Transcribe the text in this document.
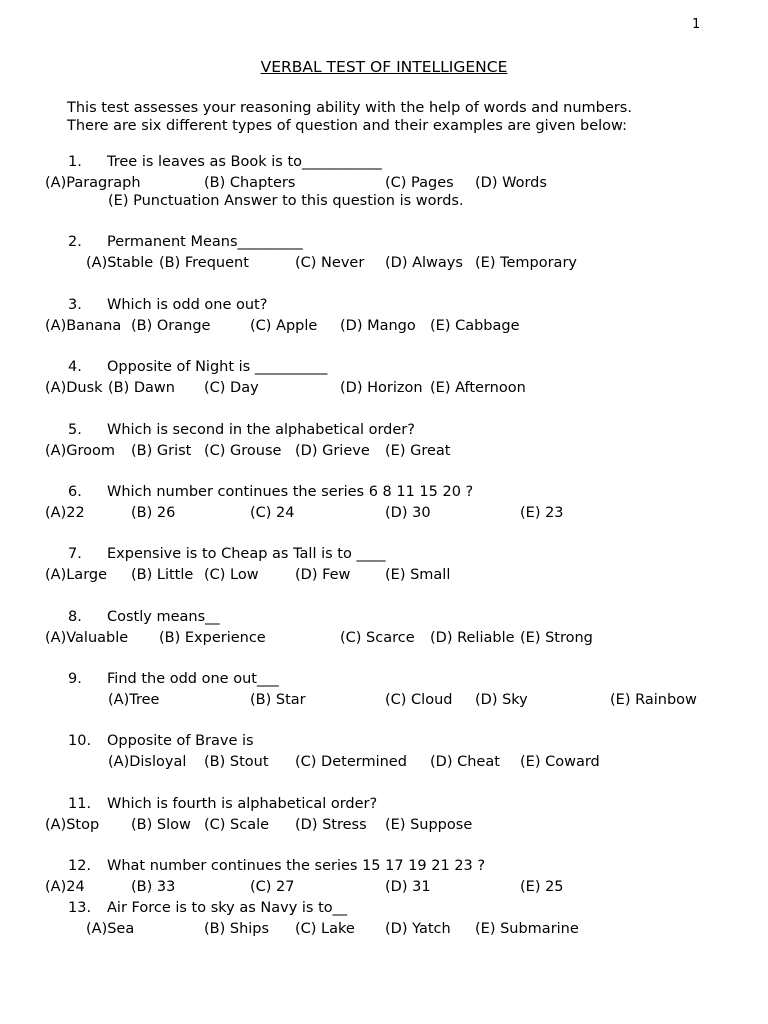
1
VERBAL TEST OF INTELLIGENCE
This test assesses your reasoning ability with the help of words and numbers.
There are six different types of question and their examples are given below:
1.	Tree is leaves as Book is to___________
(A)Paragraph	(B) Chapters	(C) Pages (D) Words
(E) Punctuation Answer to this question is words.
2.	Permanent Means_________
(A)Stable (B) Frequent	(C) Never (D) Always (E) Temporary
3.	Which is odd one out?
(A)Banana (B) Orange	(C) Apple (D) Mango (E) Cabbage
4.	Opposite of Night is __________
(A)Dusk (B) Dawn (C) Day	(D) Horizon (E) Afternoon
5.	Which is second in the alphabetical order?
(A)Groom (B) Grist (C) Grouse (D) Grieve (E) Great
6.	Which number continues the series 6 8 11 15 20 ?
(A)22	(B) 26	(C) 24	(D) 30	(E) 23
7.	Expensive is to Cheap as Tall is to ____
(A)Large (B) Little (C) Low	(D) Few (E) Small
8.	Costly means__
(A)Valuable (B) Experience	(C) Scarce (D) Reliable (E) Strong
9.	Find the odd one out___
(A)Tree	(B) Star	(C) Cloud (D) Sky	(E) Rainbow
10.	Opposite of Brave is
(A)Disloyal (B) Stout (C) Determined (D) Cheat (E) Coward
11.	Which is fourth is alphabetical order?
(A)Stop (B) Slow (C) Scale (D) Stress (E) Suppose
12.	What number continues the series 15 17 19 21 23 ?
(A)24	(B) 33	(C) 27	(D) 31	(E) 25
13.	Air Force is to sky as Navy is to__
(A)Sea	(B) Ships (C) Lake (D) Yatch (E) Submarine
